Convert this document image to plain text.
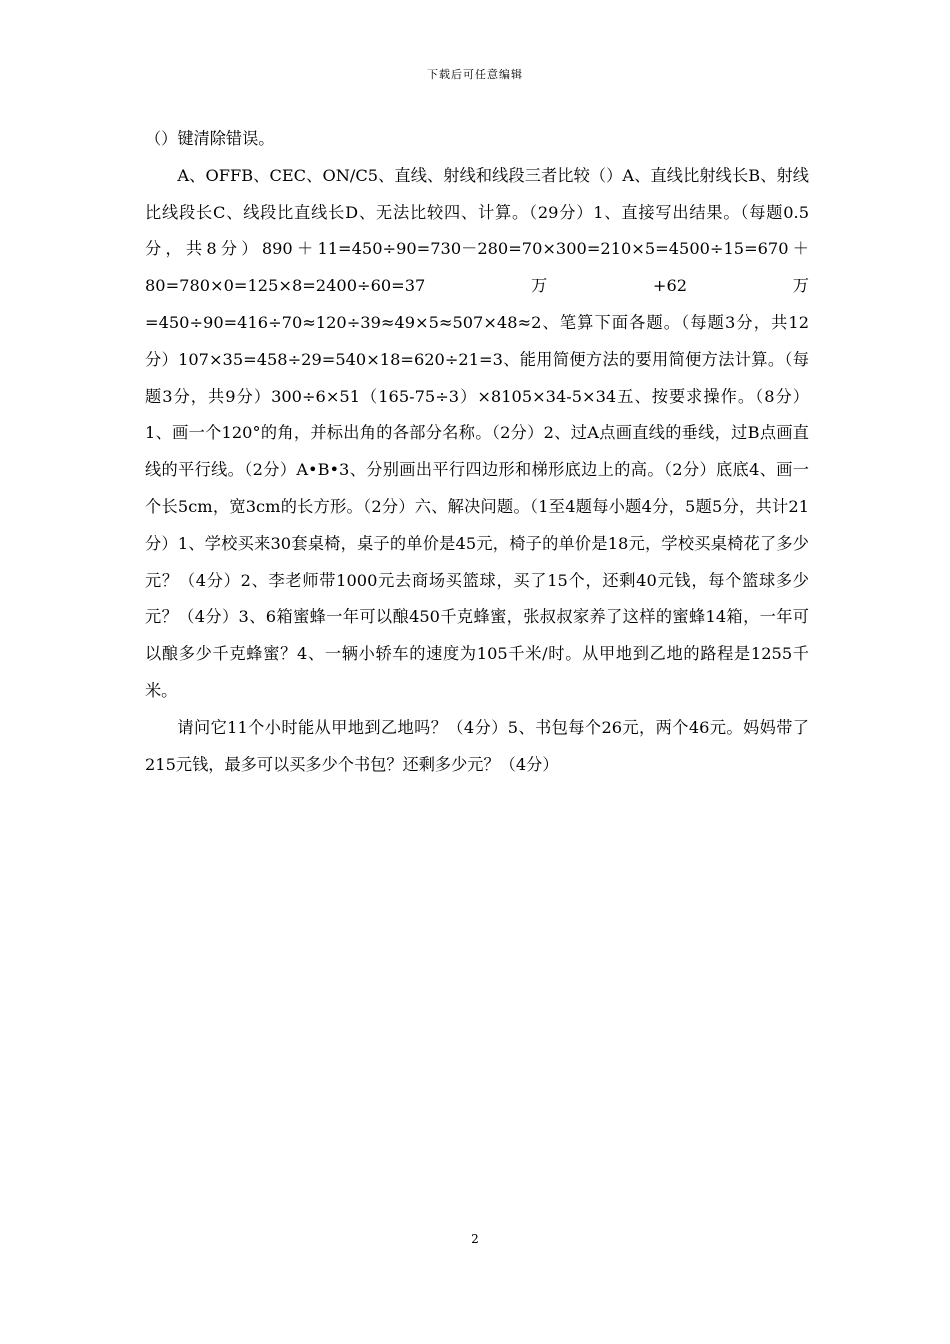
下载后可任意编辑

（）键清除错误。

A、OFFB、CEC、ON/C5、直线、射线和线段三者比较（）A、直线比射线长B、射线比线段长C、线段比直线长D、无法比较四、计算。（29分）1、直接写出结果。（每题0.5分，共8分）890＋11=450÷90=730－280=70×300=210×5=4500÷15=670＋80=780×0=125×8=2400÷60=37万+62万=450÷90=416÷70≈120÷39≈49×5≈507×48≈2、笔算下面各题。（每题3分，共12分）107×35=458÷29=540×18=620÷21=3、能用简便方法的要用简便方法计算。（每题3分，共9分）300÷6×51（165-75÷3）×8105×34-5×34五、按要求操作。（8分）1、画一个120°的角，并标出角的各部分名称。（2分）2、过A点画直线的垂线，过B点画直线的平行线。（2分）A•B•3、分别画出平行四边形和梯形底边上的高。（2分）底底4、画一个长5cm，宽3cm的长方形。（2分）六、解决问题。（1至4题每小题4分，5题5分，共计21分）1、学校买来30套桌椅，桌子的单价是45元，椅子的单价是18元，学校买桌椅花了多少元？（4分）2、李老师带1000元去商场买篮球，买了15个，还剩40元钱，每个篮球多少元？（4分）3、6箱蜜蜂一年可以酿450千克蜂蜜，张叔叔家养了这样的蜜蜂14箱，一年可以酿多少千克蜂蜜？4、一辆小轿车的速度为105千米/时。从甲地到乙地的路程是1255千米。

请问它11个小时能从甲地到乙地吗？（4分）5、书包每个26元，两个46元。妈妈带了215元钱，最多可以买多少个书包？还剩多少元？（4分）

2
